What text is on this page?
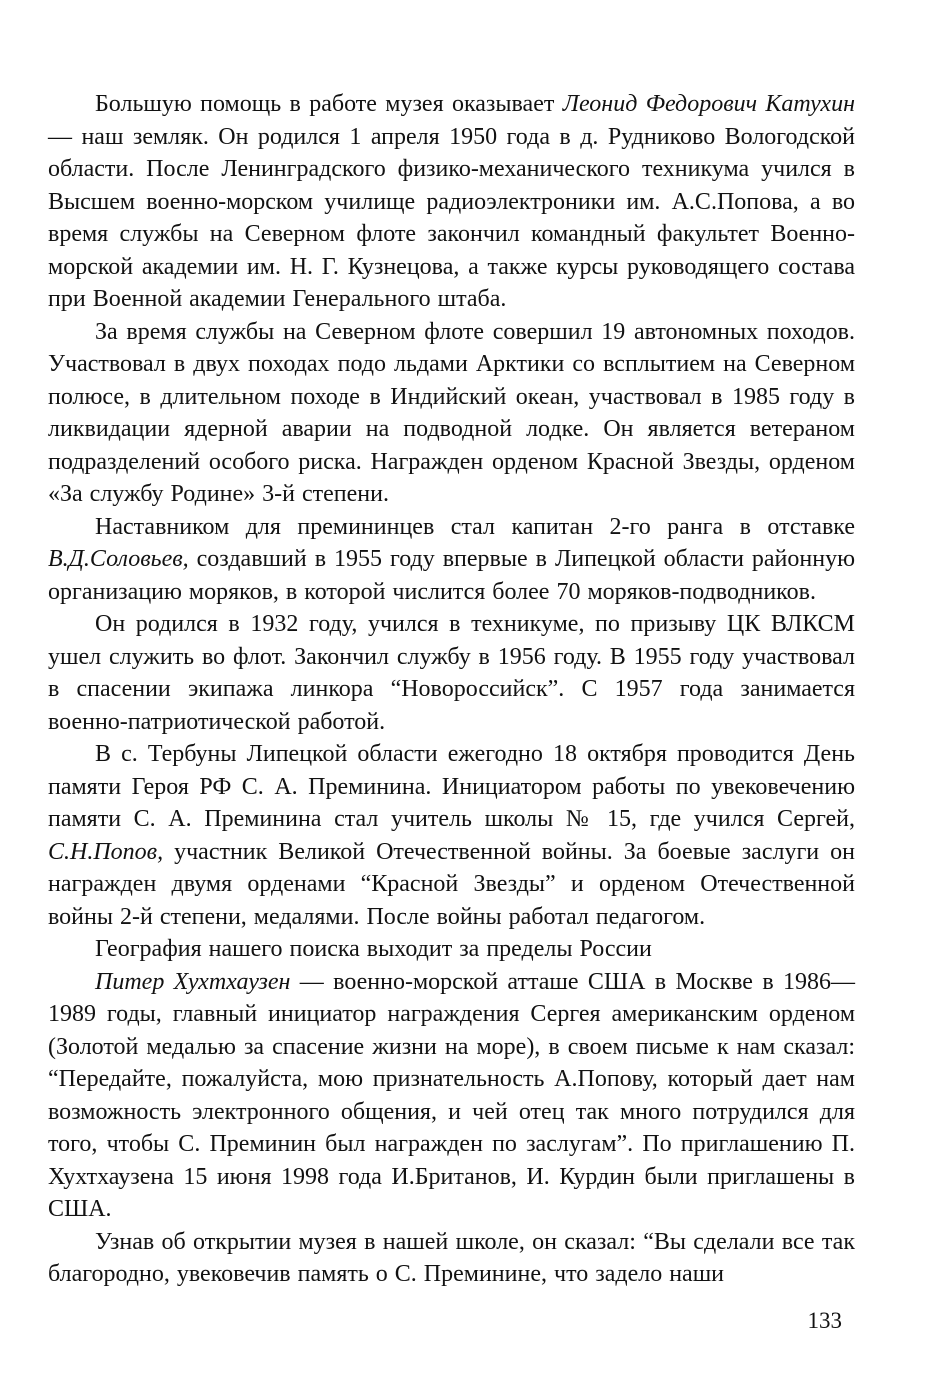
Большую помощь в работе музея оказывает Леонид Федорович Катухин — наш земляк. Он родился 1 апреля 1950 года в д. Рудниково Вологодской области. После Ленинградского физико-механического техникума учился в Высшем военно-морском училище радиоэлектроники им. А.С.Попова, а во время службы на Северном флоте закончил командный факультет Военно-морской академии им. Н. Г. Кузнецова, а также курсы руководящего состава при Военной академии Генерального штаба.

За время службы на Северном флоте совершил 19 автономных походов. Участвовал в двух походах подо льдами Арктики со всплытием на Северном полюсе, в длительном походе в Индийский океан, участвовал в 1985 году в ликвидации ядерной аварии на подводной лодке. Он является ветераном подразделений особого риска. Награжден орденом Красной Звезды, орденом «За службу Родине» 3-й степени.

Наставником для премининцев стал капитан 2-го ранга в отставке В.Д.Соловьев, создавший в 1955 году впервые в Липецкой области районную организацию моряков, в которой числится более 70 моряков-подводников.

Он родился в 1932 году, учился в техникуме, по призыву ЦК ВЛКСМ ушел служить во флот. Закончил службу в 1956 году. В 1955 году участвовал в спасении экипажа линкора “Новороссийск”. С 1957 года занимается военно-патриотической работой.

В с. Тербуны Липецкой области ежегодно 18 октября проводится День памяти Героя РФ С. А. Преминина. Инициатором работы по увековечению памяти С. А. Преминина стал учитель школы № 15, где учился Сергей, С.Н.Попов, участник Великой Отечественной войны. За боевые заслуги он награжден двумя орденами “Красной Звезды” и орденом Отечественной войны 2-й степени, медалями. После войны работал педагогом.

География нашего поиска выходит за пределы России

Питер Хухтхаузен — военно-морской атташе США в Москве в 1986—1989 годы, главный инициатор награждения Сергея американским орденом (Золотой медалью за спасение жизни на море), в своем письме к нам сказал: “Передайте, пожалуйста, мою признательность А.Попову, который дает нам возможность электронного общения, и чей отец так много потрудился для того, чтобы С. Преминин был награжден по заслугам”. По приглашению П. Хухтхаузена 15 июня 1998 года И.Британов, И. Курдин были приглашены в США.

Узнав об открытии музея в нашей школе, он сказал: “Вы сделали все так благородно, увековечив память о С. Преминине, что задело наши

133
